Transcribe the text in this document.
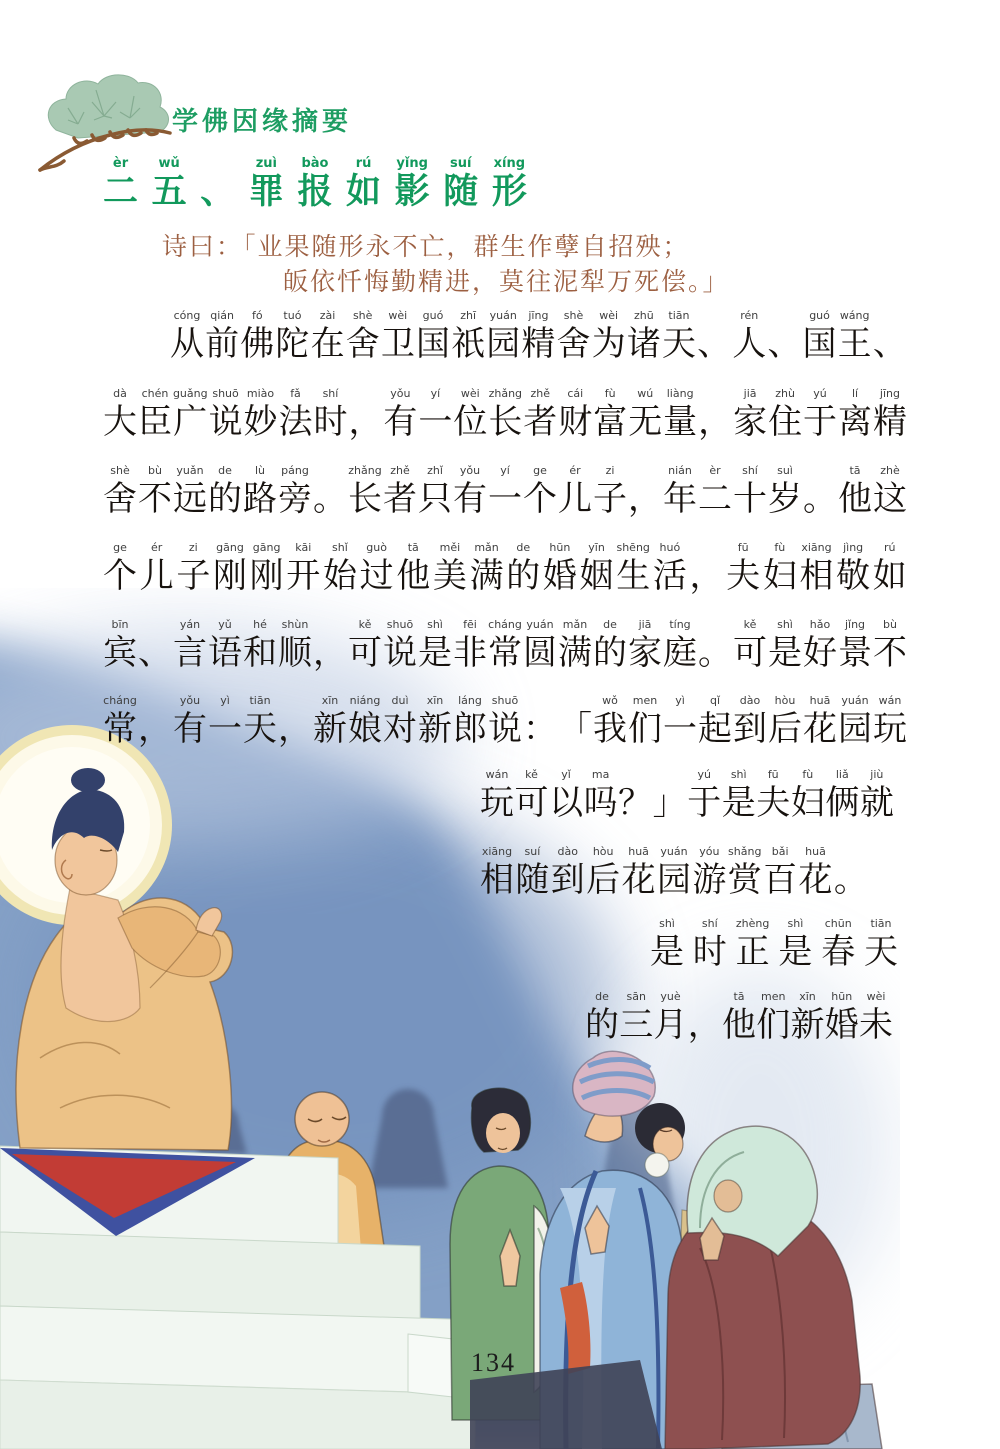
学佛因缘摘要
èr
二
wǔ
五 、
zuì
罪
bào
报
rú
如
yǐng
影
suí
随
xíng
形
诗曰：「业果随形永不亡，群生作孽自招殃；
皈依忏悔勤精进，莫往泥犁万死偿。」
cóng
从
qián
前
fó
佛
tuó
陀
zài
在
shè
舍
wèi
卫
guó
国
zhī
祇
yuán
园
jīng
精
shè
舍
wèi
为
zhū
诸
tiān
天 、
rén
人 、
guó
国
wáng
王 、
dà
大
chén
臣
guǎng
广
shuō
说
miào
妙
fǎ
法
shí
时 ，
yǒu
有
yí
一
wèi
位
zhǎng
长
zhě
者
cái
财
fù
富
wú
无
liàng
量 ，
jiā
家
zhù
住
yú
于
lí
离
jīng
精
shè
舍
bù
不
yuǎn
远
de
的
lù
路
páng
旁 。
zhǎng
长
zhě
者
zhǐ
只
yǒu
有
yí
一
ge
个
ér
儿
zi
子 ，
nián
年
èr
二
shí
十
suì
岁 。
tā
他
zhè
这
ge
个
ér
儿
zi
子
gāng
刚
gāng
刚
kāi
开
shǐ
始
guò
过
tā
他
měi
美
mǎn
满
de
的
hūn
婚
yīn
姻
shēng
生
huó
活 ，
fū
夫
fù
妇
xiāng
相
jìng
敬
rú
如
bīn
宾 、
yán
言
yǔ
语
hé
和
shùn
顺 ，
kě
可
shuō
说
shì
是
fēi
非
cháng
常
yuán
圆
mǎn
满
de
的
jiā
家
tíng
庭 。
kě
可
shì
是
hǎo
好
jǐng
景
bù
不
cháng
常 ，
yǒu
有
yì
一
tiān
天 ，
xīn
新
niáng
娘
duì
对
xīn
新
láng
郎
shuō
说 ： 「
wǒ
我
men
们
yì
一
qǐ
起
dào
到
hòu
后
huā
花
yuán
园
wán
玩
wán
玩
kě
可
yǐ
以
ma
吗 ？ 」
yú
于
shì
是
fū
夫
fù
妇
liǎ
俩
jiù
就
xiāng
相
suí
随
dào
到
hòu
后
huā
花
yuán
园
yóu
游
shǎng
赏
bǎi
百
huā
花 。
shì
是
shí
时
zhèng
正
shì
是
chūn
春
tiān
天
de
的
sān
三
yuè
月 ，
tā
他
men
们
xīn
新
hūn
婚
wèi
未
134
